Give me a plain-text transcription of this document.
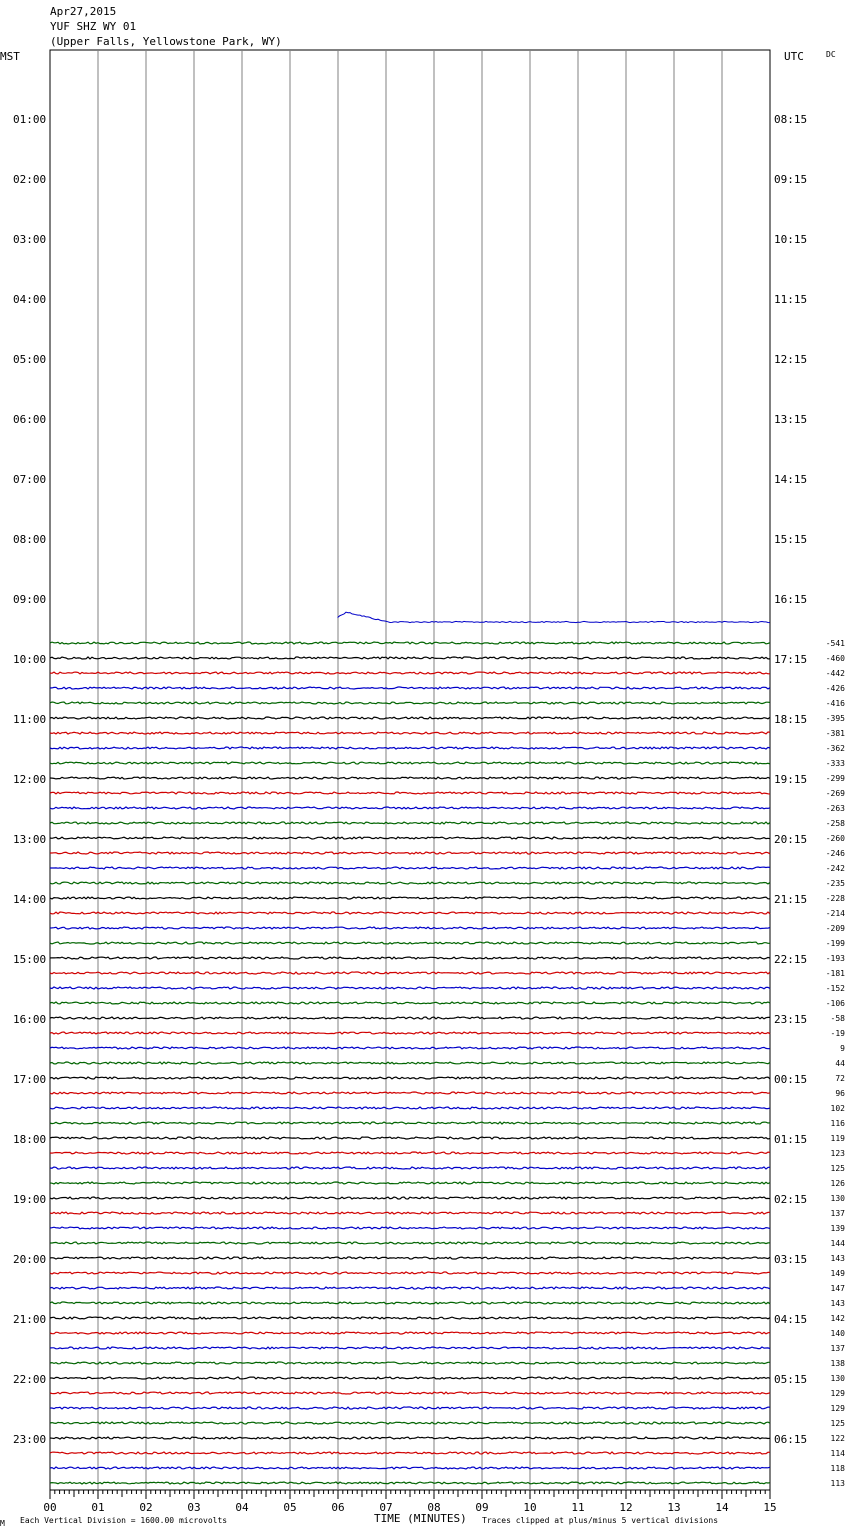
Apr27,2015
YUF SHZ WY 01
(Upper Falls, Yellowstone Park, WY)
MST	UTC	DC
00	01	02	03	04	05	06	07	08	09	10	11	12	13	14	15
01:00	08:15
02:00	09:15
03:00	10:15
04:00	11:15
05:00	12:15
06:00	13:15
07:00	14:15
08:00	15:15
09:00	16:15
10:00	17:15
11:00	18:15
12:00	19:15
13:00	20:15
14:00	21:15
15:00	22:15
16:00	23:15
17:00	00:15
18:00	01:15
19:00	02:15
20:00	03:15
21:00	04:15
22:00	05:15
23:00	06:15
-541
-460
-442
-426
-416
-395
-381
-362
-333
-299
-269
-263
-258
-260
-246
-242
-235
-228
-214
-209
-199
-193
-181
-152
-106
-58
-19
9
44
72
96
102
116
119
123
125
126
130
137
139
144
143
149
147
143
142
140
137
138
130
129
129
125
122
114
118
113
M Each Vertical Division = 1600.00 microvolts	TIME (MINUTES) Traces clipped at plus/minus 5 vertical divisions
